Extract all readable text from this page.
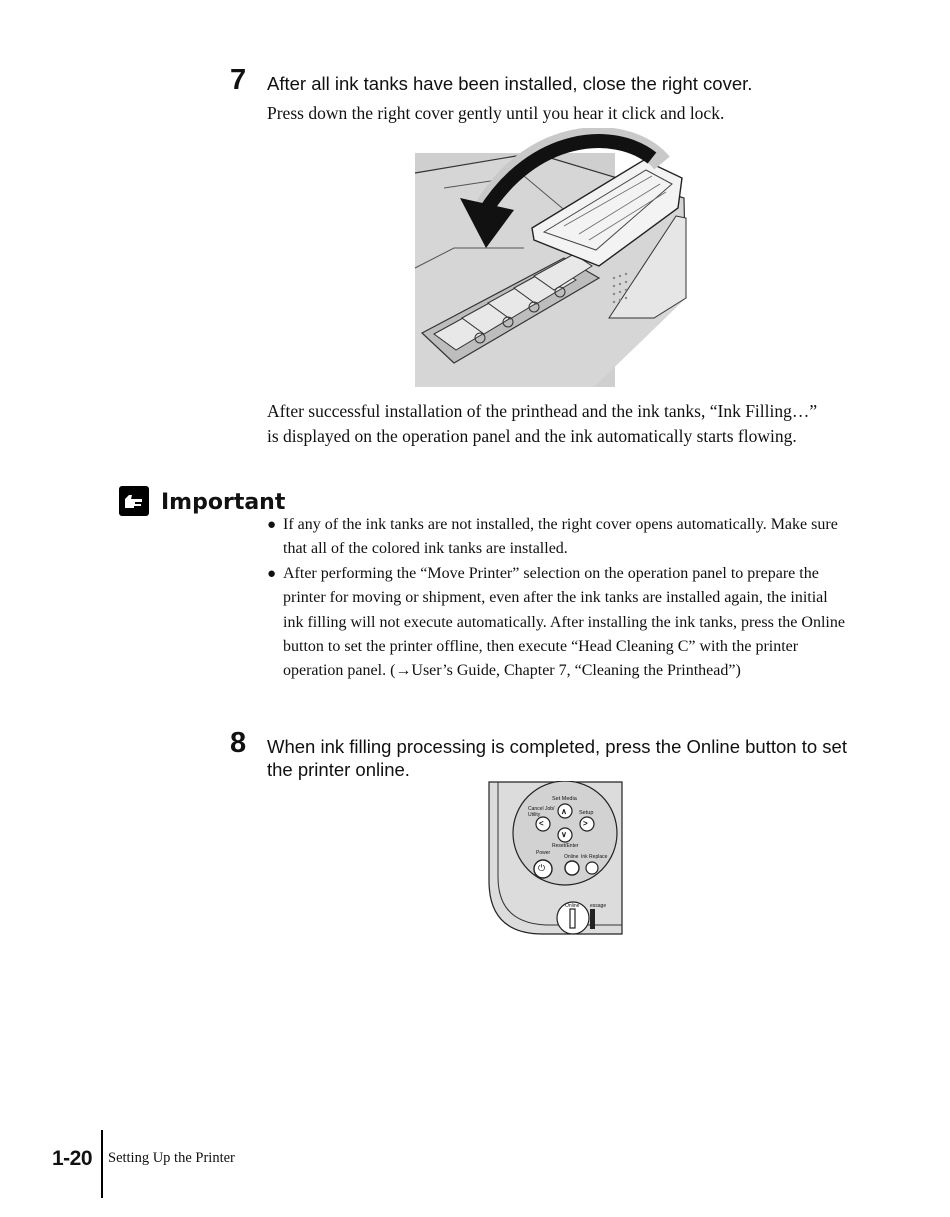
7 After all ink tanks have been installed, close the right cover.
Press down the right cover gently until you hear it click and lock.
After successful installation of the printhead and the ink tanks, “Ink Filling…” is displayed on the operation panel and the ink automatically starts flowing.
Important
● If any of the ink tanks are not installed, the right cover opens automatically. Make sure that all of the colored ink tanks are installed.
● After performing the “Move Printer” selection on the operation panel to prepare the printer for moving or shipment, even after the ink tanks are installed again, the initial ink filling will not execute automatically. After installing the ink tanks, press the Online button to set the printer offline, then execute “Head Cleaning C” with the printer operation panel. (→User’s Guide, Chapter 7, “Cleaning the Printhead”)
8 When ink filling processing is completed, press the Online button to set the printer online.
Set Media
Cancel Job/
Utility	Setup
Reset/Enter
Power
Online Ink Replace
Online essage
∧
<	>
∨
⏻
1-20 Setting Up the Printer
